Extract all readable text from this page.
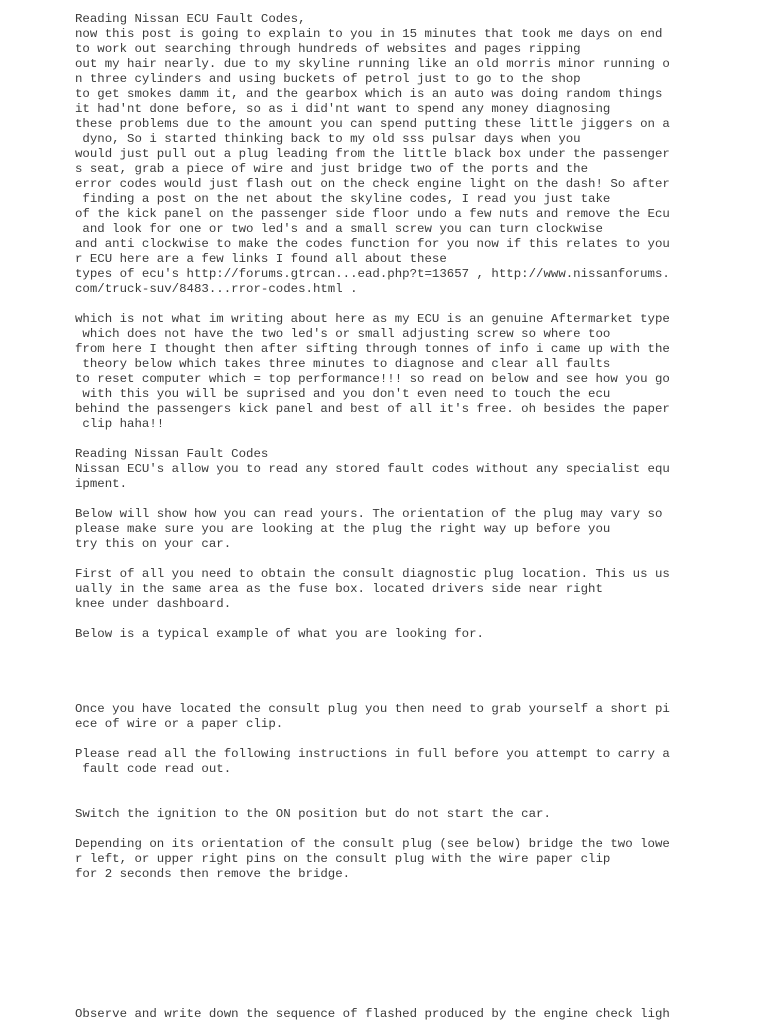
Reading Nissan ECU Fault Codes,
now this post is going to explain to you in 15 minutes that took me days on end
to work out searching through hundreds of websites and pages ripping
out my hair nearly. due to my skyline running like an old morris minor running o
n three cylinders and using buckets of petrol just to go to the shop
to get smokes damm it, and the gearbox which is an auto was doing random things
it had'nt done before, so as i did'nt want to spend any money diagnosing
these problems due to the amount you can spend putting these little jiggers on a
dyno, So i started thinking back to my old sss pulsar days when you
would just pull out a plug leading from the little black box under the passenger
s seat, grab a piece of wire and just bridge two of the ports and the
error codes would just flash out on the check engine light on the dash! So after
finding a post on the net about the skyline codes, I read you just take
of the kick panel on the passenger side floor undo a few nuts and remove the Ecu
and look for one or two led's and a small screw you can turn clockwise
and anti clockwise to make the codes function for you now if this relates to you
r ECU here are a few links I found all about these
types of ecu's http://forums.gtrcan...ead.php?t=13657 , http://www.nissanforums.
com/truck-suv/8483...rror-codes.html .
which is not what im writing about here as my ECU is an genuine Aftermarket type
which does not have the two led's or small adjusting screw so where too
from here I thought then after sifting through tonnes of info i came up with the
theory below which takes three minutes to diagnose and clear all faults
to reset computer which = top performance!!! so read on below and see how you go
with this you will be suprised and you don't even need to touch the ecu
behind the passengers kick panel and best of all it's free. oh besides the paper
clip haha!!
Reading Nissan Fault Codes
Nissan ECU's allow you to read any stored fault codes without any specialist equ
ipment.
Below will show how you can read yours. The orientation of the plug may vary so
please make sure you are looking at the plug the right way up before you
try this on your car.
First of all you need to obtain the consult diagnostic plug location. This us us
ually in the same area as the fuse box. located drivers side near right
knee under dashboard.
Below is a typical example of what you are looking for.
Once you have located the consult plug you then need to grab yourself a short pi
ece of wire or a paper clip.
Please read all the following instructions in full before you attempt to carry a
fault code read out.
Switch the ignition to the ON position but do not start the car.
Depending on its orientation of the consult plug (see below) bridge the two lowe
r left, or upper right pins on the consult plug with the wire paper clip
for 2 seconds then remove the bridge.
Observe and write down the sequence of flashed produced by the engine check ligh
